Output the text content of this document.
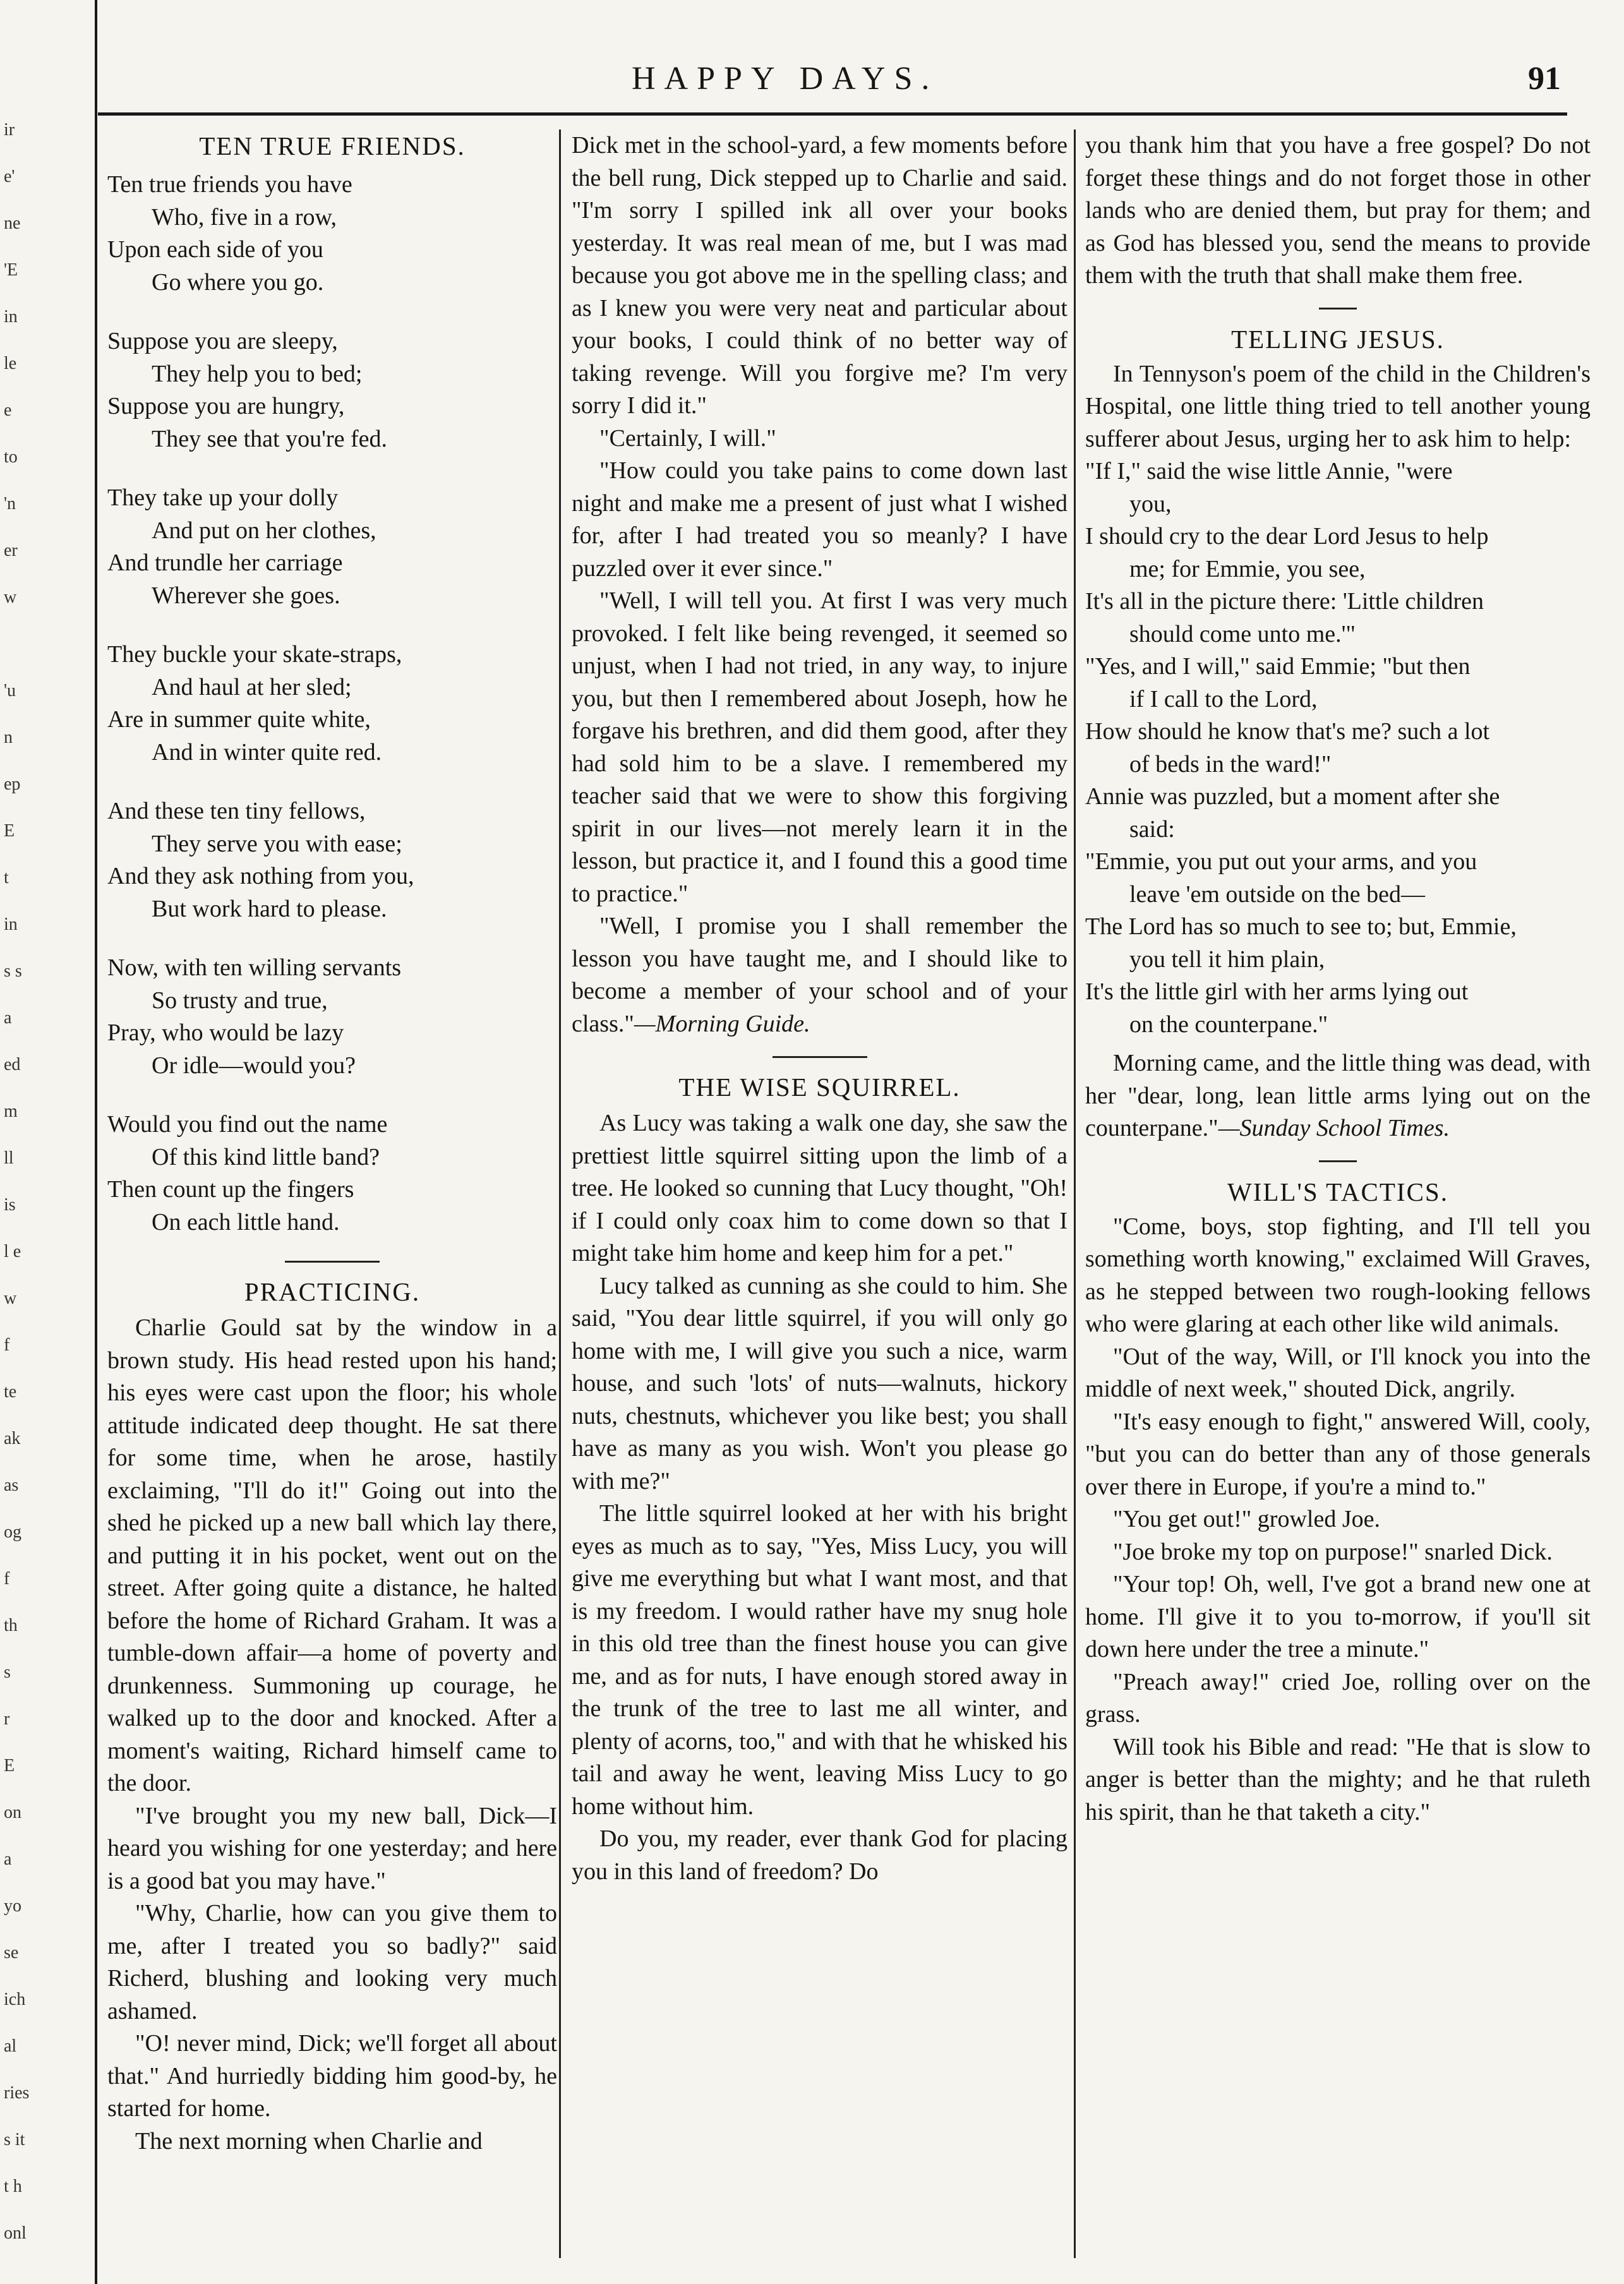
ir
e'
ne
'E
in
le
e
to
'n
er
w
'u
n
ep
E
t
in
s s
a
ed
m
ll
is
l e
w
f
te
ak
as
og
f
th
s
r
E
on
a
yo
se
ich
al
ries
s it
t h
onl
HAPPY DAYS.	91
TEN TRUE FRIENDS.
Ten true friends you have
Who, five in a row,
Upon each side of you
Go where you go.
Suppose you are sleepy,
They help you to bed;
Suppose you are hungry,
They see that you're fed.
They take up your dolly
And put on her clothes,
And trundle her carriage
Wherever she goes.
They buckle your skate-straps,
And haul at her sled;
Are in summer quite white,
And in winter quite red.
And these ten tiny fellows,
They serve you with ease;
And they ask nothing from you,
But work hard to please.
Now, with ten willing servants
So trusty and true,
Pray, who would be lazy
Or idle—would you?
Would you find out the name
Of this kind little band?
Then count up the fingers
On each little hand.
PRACTICING.

Charlie Gould sat by the window in a brown study. His head rested upon his hand; his eyes were cast upon the floor; his whole attitude indicated deep thought. He sat there for some time, when he arose, hastily exclaiming, "I'll do it!" Going out into the shed he picked up a new ball which lay there, and putting it in his pocket, went out on the street. After going quite a distance, he halted before the home of Richard Graham. It was a tumble-down affair—a home of poverty and drunkenness. Summoning up courage, he walked up to the door and knocked. After a moment's waiting, Richard himself came to the door.

"I've brought you my new ball, Dick—I heard you wishing for one yesterday; and here is a good bat you may have."

"Why, Charlie, how can you give them to me, after I treated you so badly?" said Richerd, blushing and looking very much ashamed.

"O! never mind, Dick; we'll forget all about that." And hurriedly bidding him good-by, he started for home.

The next morning when Charlie and

Dick met in the school-yard, a few moments before the bell rung, Dick stepped up to Charlie and said. "I'm sorry I spilled ink all over your books yesterday. It was real mean of me, but I was mad because you got above me in the spelling class; and as I knew you were very neat and particular about your books, I could think of no better way of taking revenge. Will you forgive me? I'm very sorry I did it."

"Certainly, I will."

"How could you take pains to come down last night and make me a present of just what I wished for, after I had treated you so meanly? I have puzzled over it ever since."

"Well, I will tell you. At first I was very much provoked. I felt like being revenged, it seemed so unjust, when I had not tried, in any way, to injure you, but then I remembered about Joseph, how he forgave his brethren, and did them good, after they had sold him to be a slave. I remembered my teacher said that we were to show this forgiving spirit in our lives—not merely learn it in the lesson, but practice it, and I found this a good time to practice."

"Well, I promise you I shall remember the lesson you have taught me, and I should like to become a member of your school and of your class."—Morning Guide.

THE WISE SQUIRREL.

As Lucy was taking a walk one day, she saw the prettiest little squirrel sitting upon the limb of a tree. He looked so cunning that Lucy thought, "Oh! if I could only coax him to come down so that I might take him home and keep him for a pet."

Lucy talked as cunning as she could to him. She said, "You dear little squirrel, if you will only go home with me, I will give you such a nice, warm house, and such 'lots' of nuts—walnuts, hickory nuts, chestnuts, whichever you like best; you shall have as many as you wish. Won't you please go with me?"

The little squirrel looked at her with his bright eyes as much as to say, "Yes, Miss Lucy, you will give me everything but what I want most, and that is my freedom. I would rather have my snug hole in this old tree than the finest house you can give me, and as for nuts, I have enough stored away in the trunk of the tree to last me all winter, and plenty of acorns, too," and with that he whisked his tail and away he went, leaving Miss Lucy to go home without him.

Do you, my reader, ever thank God for placing you in this land of freedom? Do

you thank him that you have a free gospel? Do not forget these things and do not forget those in other lands who are denied them, but pray for them; and as God has blessed you, send the means to provide them with the truth that shall make them free.

TELLING JESUS.

In Tennyson's poem of the child in the Children's Hospital, one little thing tried to tell another young sufferer about Jesus, urging her to ask him to help:

"If I," said the wise little Annie, "were
you,
I should cry to the dear Lord Jesus to help
me; for Emmie, you see,
It's all in the picture there: 'Little children
should come unto me.'"
"Yes, and I will," said Emmie; "but then
if I call to the Lord,
How should he know that's me? such a lot
of beds in the ward!"
Annie was puzzled, but a moment after she
said:
"Emmie, you put out your arms, and you
leave 'em outside on the bed—
The Lord has so much to see to; but, Emmie,
you tell it him plain,
It's the little girl with her arms lying out
on the counterpane."

Morning came, and the little thing was dead, with her "dear, long, lean little arms lying out on the counterpane."—Sunday School Times.

WILL'S TACTICS.

"Come, boys, stop fighting, and I'll tell you something worth knowing," exclaimed Will Graves, as he stepped between two rough-looking fellows who were glaring at each other like wild animals.

"Out of the way, Will, or I'll knock you into the middle of next week," shouted Dick, angrily.

"It's easy enough to fight," answered Will, cooly, "but you can do better than any of those generals over there in Europe, if you're a mind to."

"You get out!" growled Joe.

"Joe broke my top on purpose!" snarled Dick.

"Your top! Oh, well, I've got a brand new one at home. I'll give it to you to-morrow, if you'll sit down here under the tree a minute."

"Preach away!" cried Joe, rolling over on the grass.

Will took his Bible and read: "He that is slow to anger is better than the mighty; and he that ruleth his spirit, than he that taketh a city."
